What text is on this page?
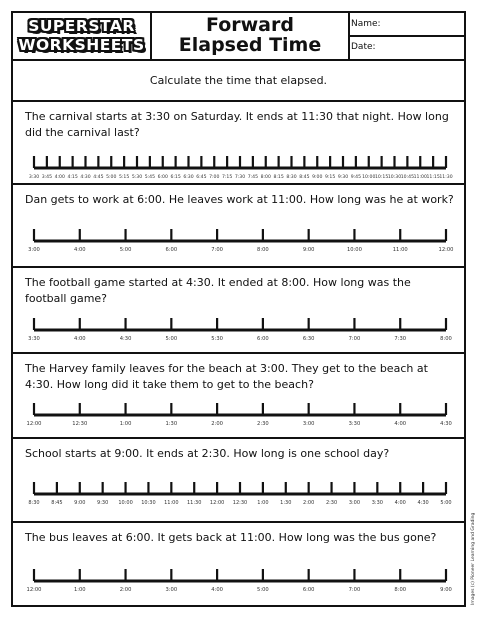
SUPERSTAR
WORKSHEETS
Forward
Elapsed Time
Name:
Date:
Calculate the time that elapsed.
The carnival starts at 3:30 on Saturday. It ends at 11:30 that night. How long did the carnival last?
3:30 3:45 4:00 4:15 4:30 4:45 5:00 5:15 5:30 5:45 6:00 6:15 6:30 6:45 7:00 7:15 7:30 7:45 8:00 8:15 8:30 8:45 9:00 9:15 9:30 9:45 10:00 10:15 10:30 10:45 11:00 11:15 11:30
Dan gets to work at 6:00. He leaves work at 11:00. How long was he at work?
3:00	4:00	5:00	6:00	7:00	8:00	9:00	10:00	11:00	12:00
The football game started at 4:30. It ended at 8:00. How long was the football game?
3:30	4:00	4:30	5:00	5:30	6:00	6:30	7:00	7:30	8:00
The Harvey family leaves for the beach at 3:00. They get to the beach at 4:30. How long did it take them to get to the beach?
12:00	12:30	1:00	1:30	2:00	2:30	3:00	3:30	4:00	4:30
School starts at 9:00. It ends at 2:30. How long is one school day?
8:30 8:45 9:00 9:30 10:00 10:30 11:00 11:30 12:00 12:30 1:00 1:30 2:00 2:30 3:00 3:30 4:00 4:30 5:00
The bus leaves at 6:00. It gets back at 11:00. How long was the bus gone?
12:00	1:00	2:00	3:00	4:00	5:00	6:00	7:00	8:00	9:00	Images (c) Pioneer Learning and Grading
